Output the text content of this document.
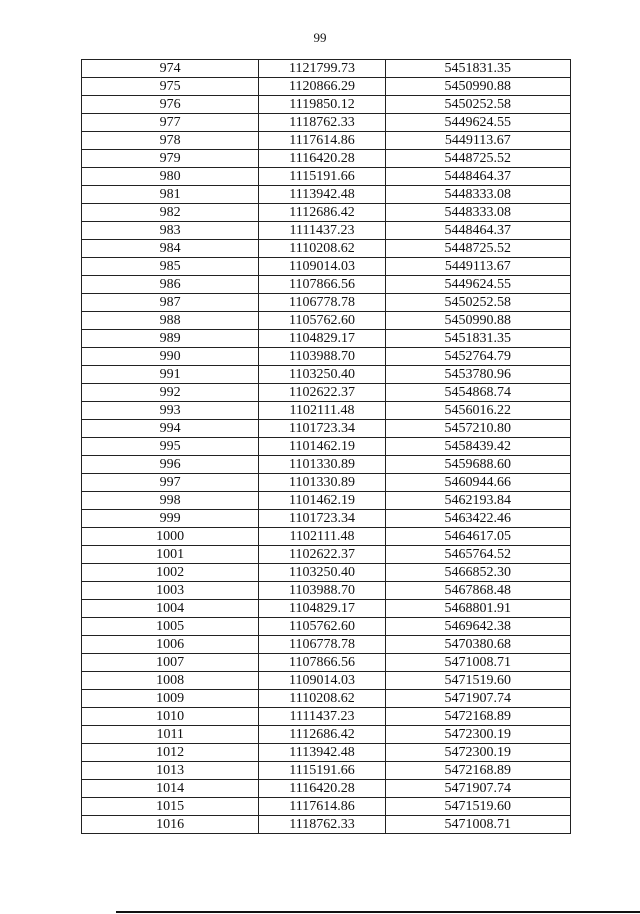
99
974	1121799.73	5451831.35
975	1120866.29	5450990.88
976	1119850.12	5450252.58
977	1118762.33	5449624.55
978	1117614.86	5449113.67
979	1116420.28	5448725.52
980	1115191.66	5448464.37
981	1113942.48	5448333.08
982	1112686.42	5448333.08
983	1111437.23	5448464.37
984	1110208.62	5448725.52
985	1109014.03	5449113.67
986	1107866.56	5449624.55
987	1106778.78	5450252.58
988	1105762.60	5450990.88
989	1104829.17	5451831.35
990	1103988.70	5452764.79
991	1103250.40	5453780.96
992	1102622.37	5454868.74
993	1102111.48	5456016.22
994	1101723.34	5457210.80
995	1101462.19	5458439.42
996	1101330.89	5459688.60
997	1101330.89	5460944.66
998	1101462.19	5462193.84
999	1101723.34	5463422.46
1000	1102111.48	5464617.05
1001	1102622.37	5465764.52
1002	1103250.40	5466852.30
1003	1103988.70	5467868.48
1004	1104829.17	5468801.91
1005	1105762.60	5469642.38
1006	1106778.78	5470380.68
1007	1107866.56	5471008.71
1008	1109014.03	5471519.60
1009	1110208.62	5471907.74
1010	1111437.23	5472168.89
1011	1112686.42	5472300.19
1012	1113942.48	5472300.19
1013	1115191.66	5472168.89
1014	1116420.28	5471907.74
1015	1117614.86	5471519.60
1016	1118762.33	5471008.71
